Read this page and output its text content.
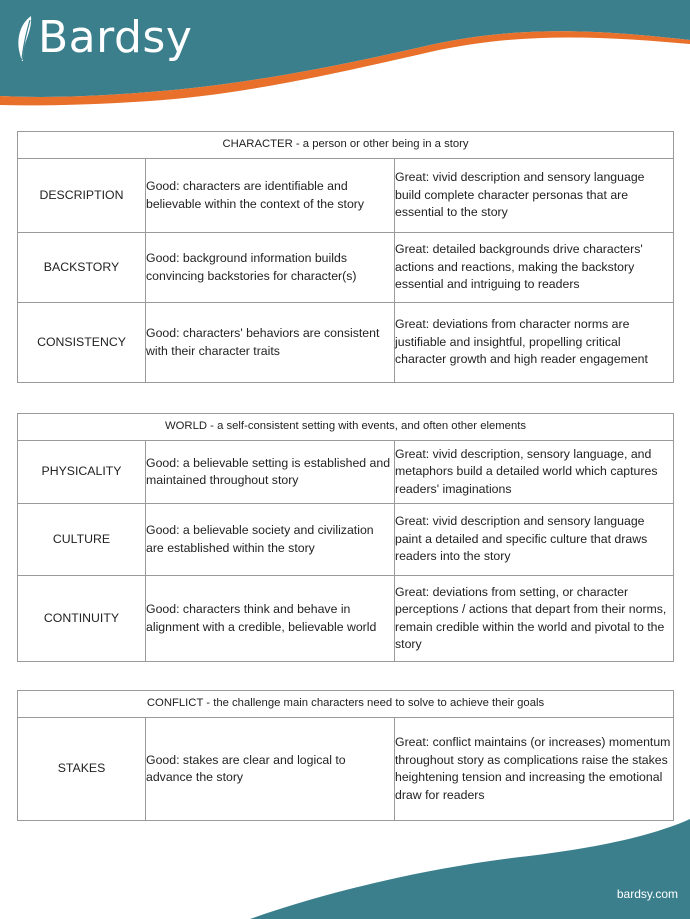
Bardsy
CHARACTER - a person or other being in a story		
DESCRIPTION	Good: characters are identifiable and believable within the context of the story	Great: vivid description and sensory language build complete character personas that are essential to the story
BACKSTORY	Good: background information builds convincing backstories for character(s)	Great: detailed backgrounds drive characters' actions and reactions, making the backstory essential and intriguing to readers
CONSISTENCY	Good: characters' behaviors are consistent with their character traits	Great: deviations from character norms are justifiable and insightful, propelling critical character growth and high reader engagement
WORLD - a self-consistent setting with events, and often other elements		
PHYSICALITY	Good: a believable setting is established and maintained throughout story	Great: vivid description, sensory language, and metaphors build a detailed world which captures readers' imaginations
CULTURE	Good: a believable society and civilization are established within the story	Great: vivid description and sensory language paint a detailed and specific culture that draws readers into the story
CONTINUITY	Good: characters think and behave in alignment with a credible, believable world	Great: deviations from setting, or character perceptions / actions that depart from their norms, remain credible within the world and pivotal to the story
CONFLICT - the challenge main characters need to solve to achieve their goals
STAKES	Good: stakes are clear and logical to advance the story	Great: conflict maintains (or increases) momentum throughout story as complications raise the stakes heightening tension and increasing the emotional draw for readers
bardsy.com
